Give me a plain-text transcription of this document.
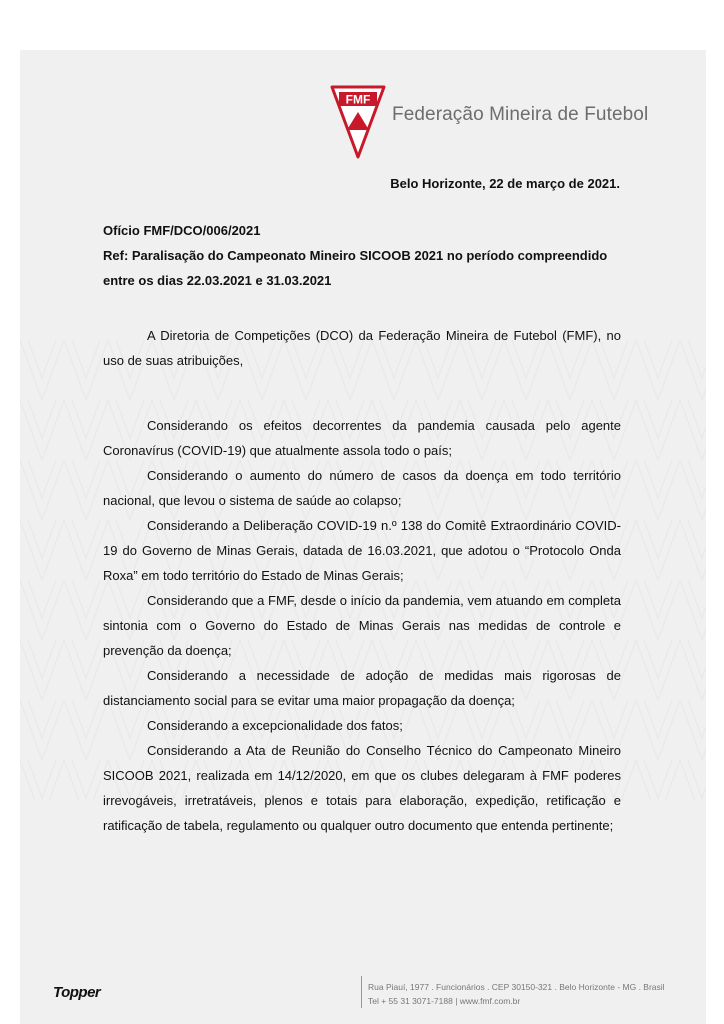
FMF
Federação Mineira de Futebol
Belo Horizonte, 22 de março de 2021.

Ofício FMF/DCO/006/2021

Ref: Paralisação do Campeonato Mineiro SICOOB 2021 no período compreendido

entre os dias 22.03.2021 e 31.03.2021

A Diretoria de Competições (DCO) da Federação Mineira de Futebol (FMF), no uso de suas atribuições,

Considerando os efeitos decorrentes da pandemia causada pelo agente Coronavírus (COVID-19) que atualmente assola todo o país;

Considerando o aumento do número de casos da doença em todo território nacional, que levou o sistema de saúde ao colapso;

Considerando a Deliberação COVID-19 n.º 138 do Comitê Extraordinário COVID-19 do Governo de Minas Gerais, datada de 16.03.2021, que adotou o “Protocolo Onda Roxa” em todo território do Estado de Minas Gerais;

Considerando que a FMF, desde o início da pandemia, vem atuando em completa sintonia com o Governo do Estado de Minas Gerais nas medidas de controle e prevenção da doença;

Considerando a necessidade de adoção de medidas mais rigorosas de distanciamento social para se evitar uma maior propagação da doença;

Considerando a excepcionalidade dos fatos;

Considerando a Ata de Reunião do Conselho Técnico do Campeonato Mineiro SICOOB 2021, realizada em 14/12/2020, em que os clubes delegaram à FMF poderes irrevogáveis, irretratáveis, plenos e totais para elaboração, expedição, retificação e ratificação de tabela, regulamento ou qualquer outro documento que entenda pertinente;

Topper	Rua Piauí, 1977 . Funcionários . CEP 30150-321 . Belo Horizonte - MG . Brasil
Tel + 55 31 3071-7188 | www.fmf.com.br
